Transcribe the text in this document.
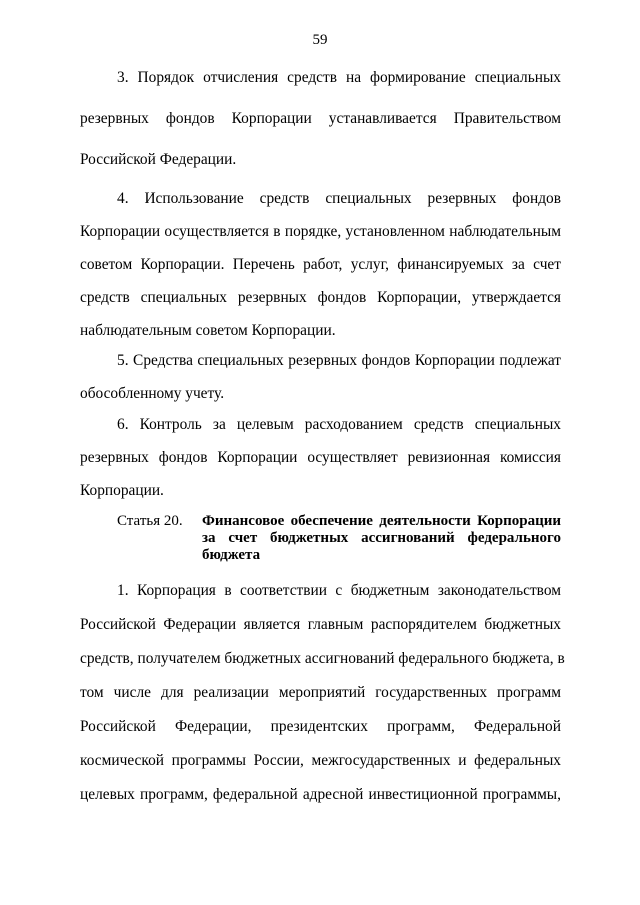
59
3. Порядок отчисления средств на формирование специальных
резервных фондов Корпорации устанавливается Правительством
Российской Федерации.
4. Использование средств специальных резервных фондов
Корпорации осуществляется в порядке, установленном наблюдательным
советом Корпорации. Перечень работ, услуг, финансируемых за счет
средств специальных резервных фондов Корпорации, утверждается
наблюдательным советом Корпорации.
5. Средства специальных резервных фондов Корпорации подлежат
обособленному учету.
6. Контроль за целевым расходованием средств специальных
резервных фондов Корпорации осуществляет ревизионная комиссия
Корпорации.
Статья 20. Финансовое обеспечение деятельности Корпорации
за счет бюджетных ассигнований федерального
бюджета
1. Корпорация в соответствии с бюджетным законодательством
Российской Федерации является главным распорядителем бюджетных
средств, получателем бюджетных ассигнований федерального бюджета, в
том числе для реализации мероприятий государственных программ
Российской Федерации, президентских программ, Федеральной
космической программы России, межгосударственных и федеральных
целевых программ, федеральной адресной инвестиционной программы,
